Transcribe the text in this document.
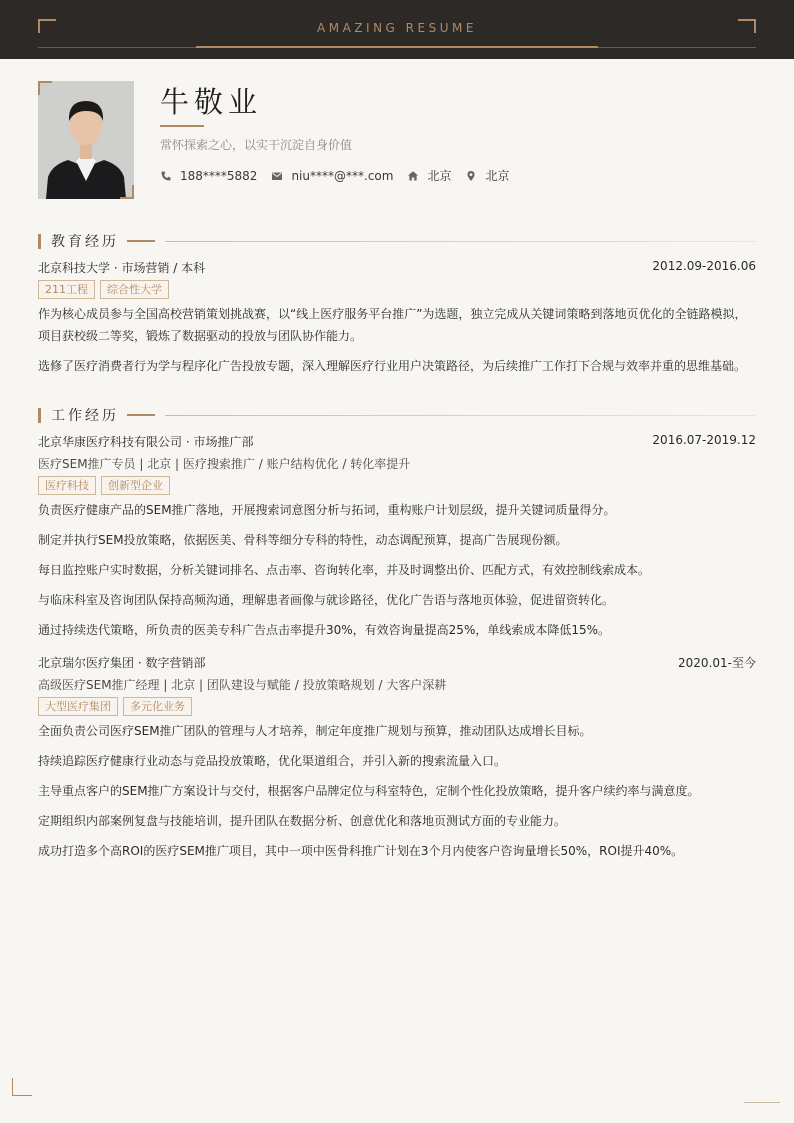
AMAZING RESUME
牛敬业
常怀探索之心，以实干沉淀自身价值
188****5882	niu****@***.com	北京	北京
教育经历
北京科技大学 · 市场营销 / 本科	2012.09-2016.06
211工程	综合性大学
作为核心成员参与全国高校营销策划挑战赛，以“线上医疗服务平台推广”为选题，独立完成从关键词策略到落地页优化的全链路模拟，项目获校级二等奖，锻炼了数据驱动的投放与团队协作能力。
选修了医疗消费者行为学与程序化广告投放专题，深入理解医疗行业用户决策路径，为后续推广工作打下合规与效率并重的思维基础。
工作经历
北京华康医疗科技有限公司 · 市场推广部	2016.07-2019.12
医疗SEM推广专员 | 北京 | 医疗搜索推广 / 账户结构优化 / 转化率提升
医疗科技	创新型企业
负责医疗健康产品的SEM推广落地，开展搜索词意图分析与拓词，重构账户计划层级，提升关键词质量得分。
制定并执行SEM投放策略，依据医美、骨科等细分专科的特性，动态调配预算，提高广告展现份额。
每日监控账户实时数据，分析关键词排名、点击率、咨询转化率，并及时调整出价、匹配方式，有效控制线索成本。
与临床科室及咨询团队保持高频沟通，理解患者画像与就诊路径，优化广告语与落地页体验，促进留资转化。
通过持续迭代策略，所负责的医美专科广告点击率提升30%，有效咨询量提高25%，单线索成本降低15%。
北京瑞尔医疗集团 · 数字营销部	2020.01-至今
高级医疗SEM推广经理 | 北京 | 团队建设与赋能 / 投放策略规划 / 大客户深耕
大型医疗集团	多元化业务
全面负责公司医疗SEM推广团队的管理与人才培养，制定年度推广规划与预算，推动团队达成增长目标。
持续追踪医疗健康行业动态与竞品投放策略，优化渠道组合，并引入新的搜索流量入口。
主导重点客户的SEM推广方案设计与交付，根据客户品牌定位与科室特色，定制个性化投放策略，提升客户续约率与满意度。
定期组织内部案例复盘与技能培训，提升团队在数据分析、创意优化和落地页测试方面的专业能力。
成功打造多个高ROI的医疗SEM推广项目，其中一项中医骨科推广计划在3个月内使客户咨询量增长50%，ROI提升40%。
